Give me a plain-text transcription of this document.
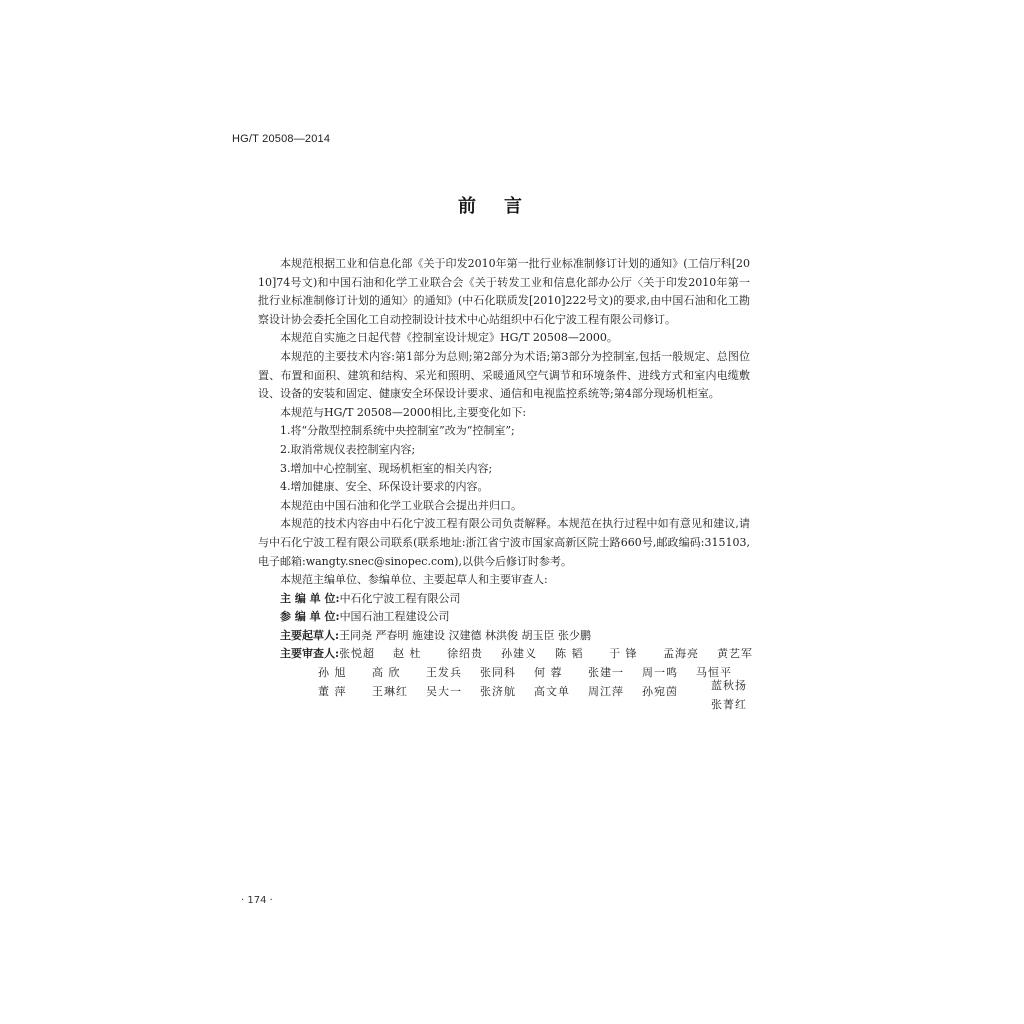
HG/T 20508—2014
前 言

本规范根据工业和信息化部《关于印发2010年第一批行业标准制修订计划的通知》(工信厅科[2010]74号文)和中国石油和化学工业联合会《关于转发工业和信息化部办公厅〈关于印发2010年第一批行业标准制修订计划的通知〉的通知》(中石化联质发[2010]222号文)的要求,由中国石油和化工勘察设计协会委托全国化工自动控制设计技术中心站组织中石化宁波工程有限公司修订。

本规范自实施之日起代替《控制室设计规定》HG/T 20508—2000。

本规范的主要技术内容:第1部分为总则;第2部分为术语;第3部分为控制室,包括一般规定、总图位置、布置和面积、建筑和结构、采光和照明、采暖通风空气调节和环境条件、进线方式和室内电缆敷设、设备的安装和固定、健康安全环保设计要求、通信和电视监控系统等;第4部分现场机柜室。

本规范与HG/T 20508—2000相比,主要变化如下:

1.将“分散型控制系统中央控制室”改为“控制室”;

2.取消常规仪表控制室内容;

3.增加中心控制室、现场机柜室的相关内容;

4.增加健康、安全、环保设计要求的内容。

本规范由中国石油和化学工业联合会提出并归口。

本规范的技术内容由中石化宁波工程有限公司负责解释。本规范在执行过程中如有意见和建议,请与中石化宁波工程有限公司联系(联系地址:浙江省宁波市国家高新区院士路660号,邮政编码:315103,电子邮箱:wangty.snec@sinopec.com),以供今后修订时参考。

本规范主编单位、参编单位、主要起草人和主要审查人:

主 编 单 位: 中石化宁波工程有限公司
参 编 单 位: 中国石油工程建设公司
主要起草人: 王同尧 严春明 施建设 汉建德 林洪俊 胡玉臣 张少鹏
主要审查人: 张悦超	赵 杜	徐绍贵	孙建义	陈 韬	于 锋	孟海亮	黄艺军
孙 旭	高 欣	王发兵	张同科	何 蓉	张建一	周一鸣	马恒平
董 萍	王琳红	吴大一	张济航	高文单	周江萍	孙宛茵	蓝秋扬
张菁红
· 174 ·
